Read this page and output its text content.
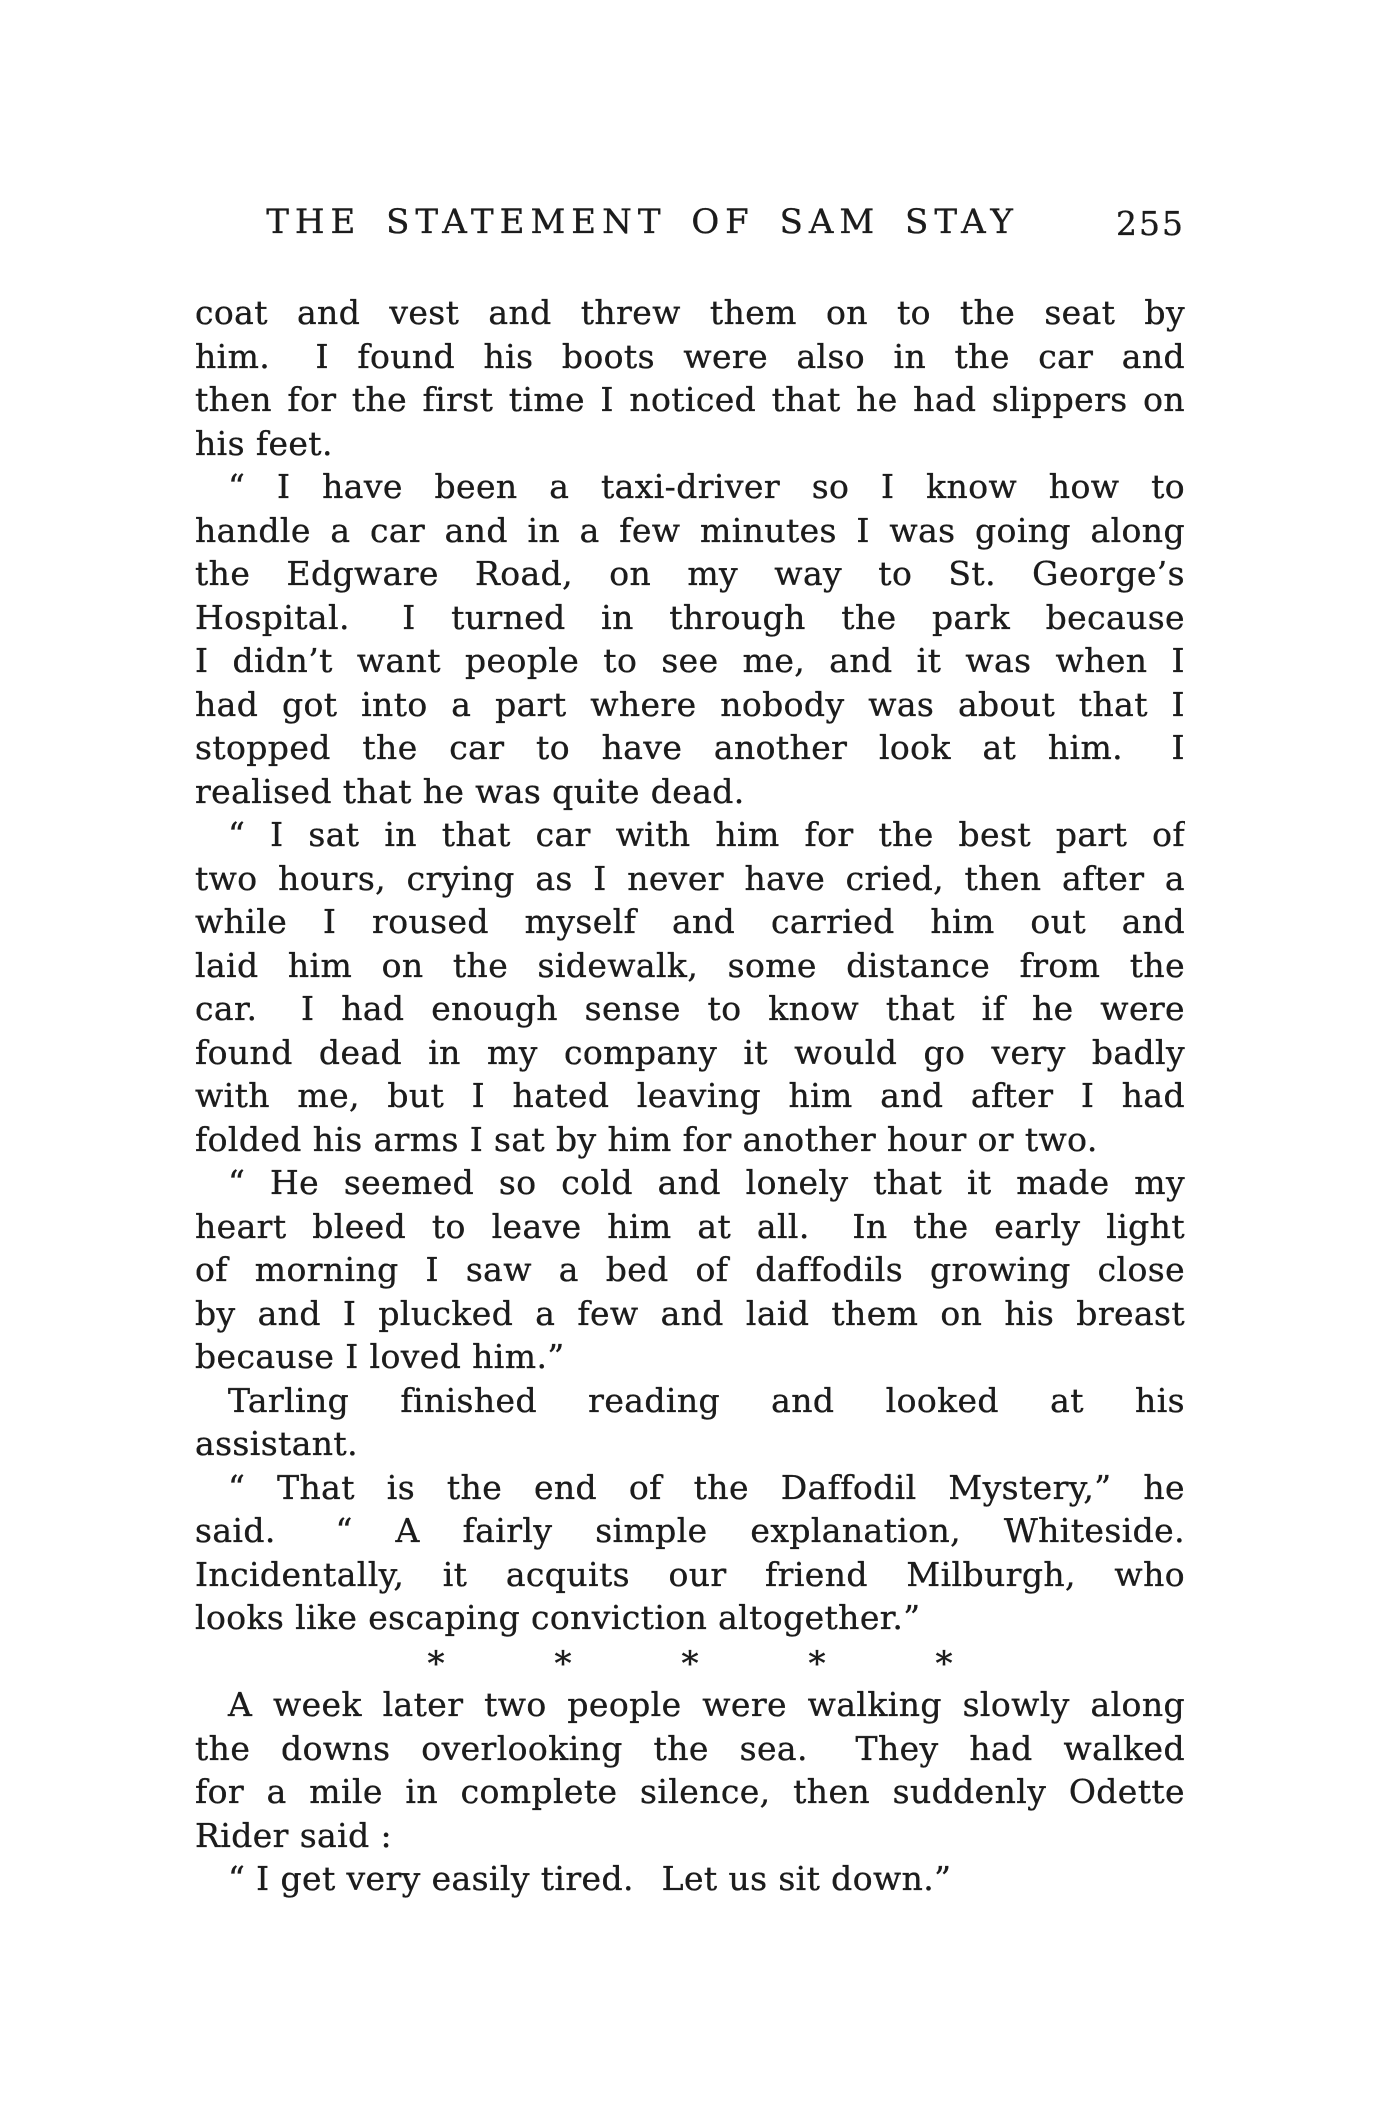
THE STATEMENT OF SAM STAY	255
coat and vest and threw them on to the seat by
him.  I found his boots were also in the car and
then for the first time I noticed that he had slippers on
his feet.
“ I have been a taxi-driver so I know how to
handle a car and in a few minutes I was going along
the Edgware Road, on my way to St. George’s
Hospital.  I turned in through the park because
I didn’t want people to see me, and it was when I
had got into a part where nobody was about that I
stopped the car to have another look at him.  I
realised that he was quite dead.
“ I sat in that car with him for the best part of
two hours, crying as I never have cried, then after a
while I roused myself and carried him out and
laid him on the sidewalk, some distance from the
car.  I had enough sense to know that if he were
found dead in my company it would go very badly
with me, but I hated leaving him and after I had
folded his arms I sat by him for another hour or two.
“ He seemed so cold and lonely that it made my
heart bleed to leave him at all.  In the early light
of morning I saw a bed of daffodils growing close
by and I plucked a few and laid them on his breast
because I loved him.”
Tarling finished reading and looked at his
assistant.
“ That is the end of the Daffodil Mystery,” he
said.  “ A fairly simple explanation, Whiteside.
Incidentally, it acquits our friend Milburgh, who
looks like escaping conviction altogether.”
*	*	*	*	*
A week later two people were walking slowly along
the downs overlooking the sea.  They had walked
for a mile in complete silence, then suddenly Odette
Rider said :
“ I get very easily tired.  Let us sit down.”
